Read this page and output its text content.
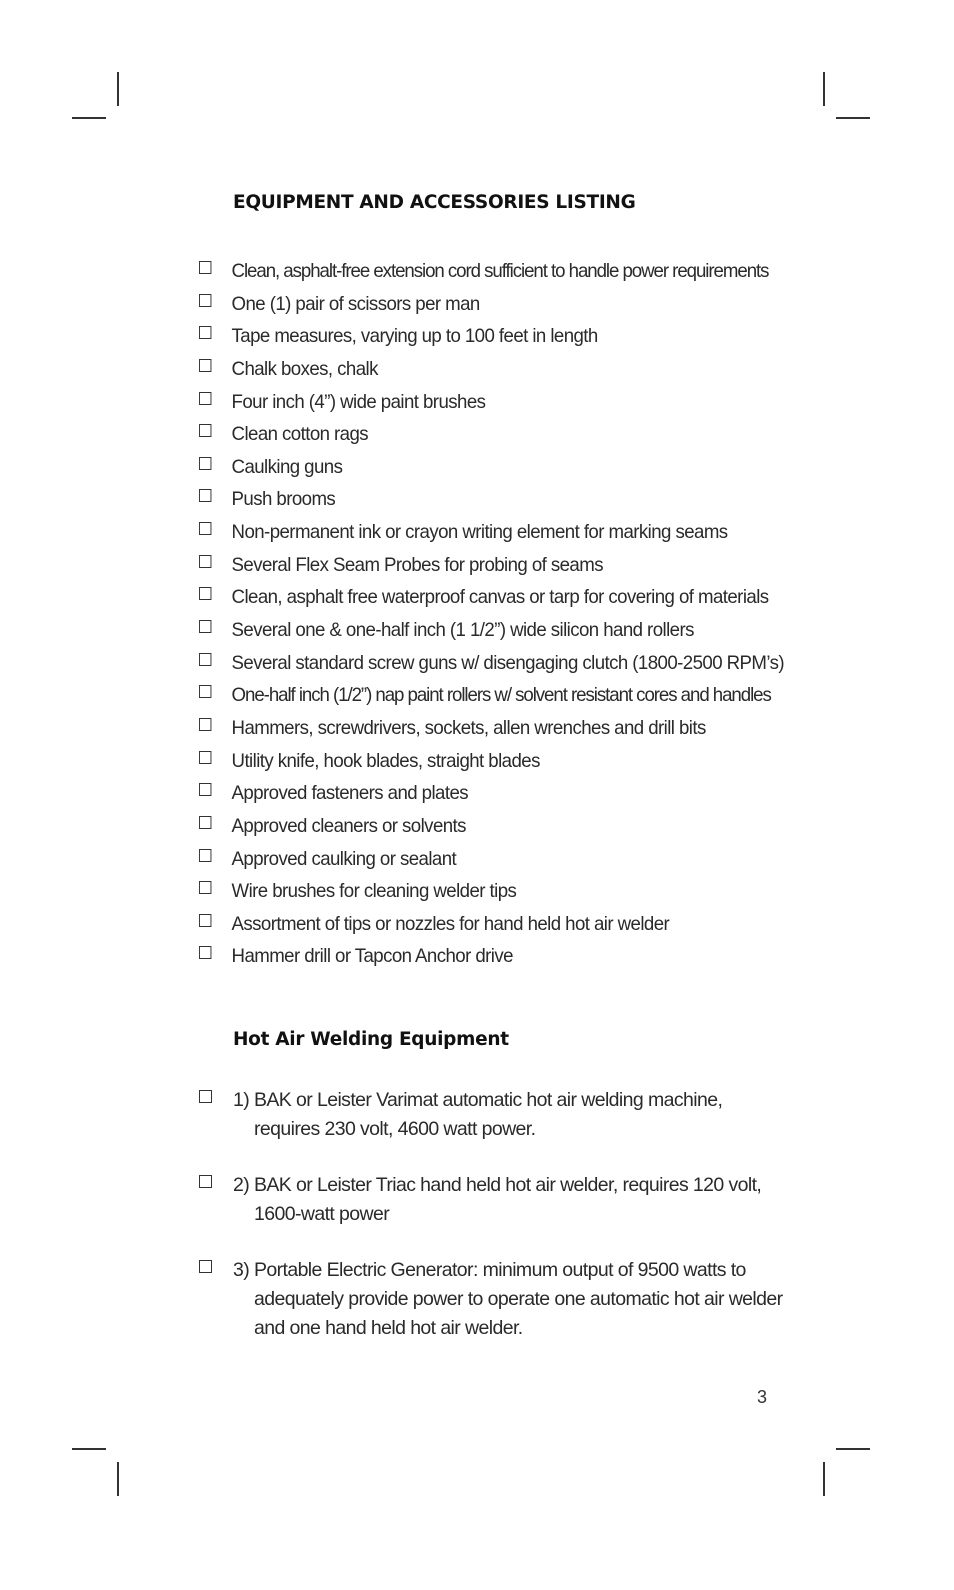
EQUIPMENT AND ACCESSORIES LISTING
Clean, asphalt-free extension cord sufficient to handle power requirements
One (1) pair of scissors per man
Tape measures, varying up to 100 feet in length
Chalk boxes, chalk
Four inch (4”) wide paint brushes
Clean cotton rags
Caulking guns
Push brooms
Non-permanent ink or crayon writing element for marking seams
Several Flex Seam Probes for probing of seams
Clean, asphalt free waterproof canvas or tarp for covering of materials
Several one & one-half inch (1 1/2”) wide silicon hand rollers
Several standard screw guns w/ disengaging clutch (1800-2500 RPM’s)
One-half inch (1/2”) nap paint rollers w/ solvent resistant cores and handles
Hammers, screwdrivers, sockets, allen wrenches and drill bits
Utility knife, hook blades, straight blades
Approved fasteners and plates
Approved cleaners or solvents
Approved caulking or sealant
Wire brushes for cleaning welder tips
Assortment of tips or nozzles for hand held hot air welder
Hammer drill or Tapcon Anchor drive
Hot Air Welding Equipment
1) BAK or Leister Varimat automatic hot air welding machine,
requires 230 volt, 4600 watt power.
2) BAK or Leister Triac hand held hot air welder, requires 120 volt,
1600-watt power
3) Portable Electric Generator: minimum output of 9500 watts to
adequately provide power to operate one automatic hot air welder
and one hand held hot air welder.
3
